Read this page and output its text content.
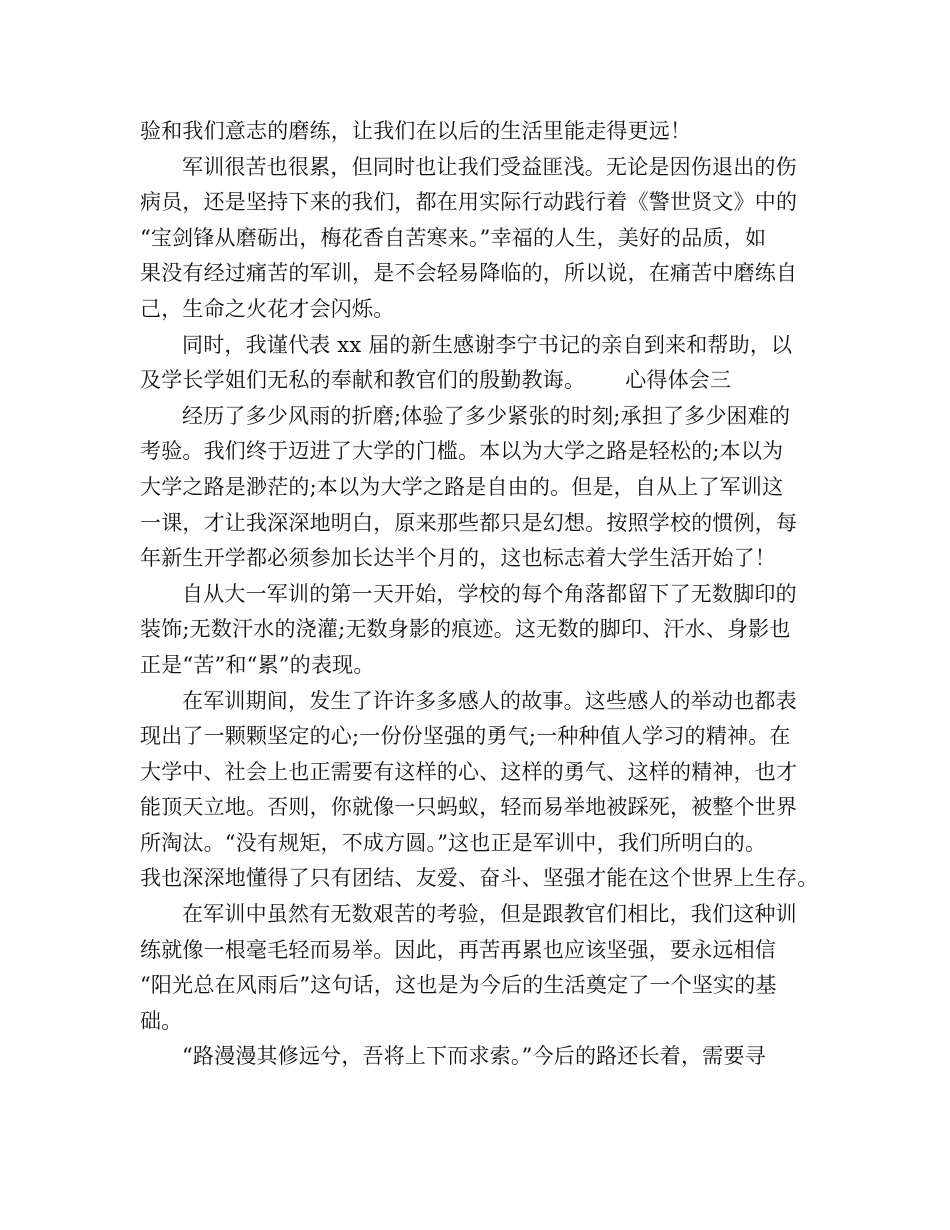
验和我们意志的磨练，让我们在以后的生活里能走得更远！
军训很苦也很累，但同时也让我们受益匪浅。无论是因伤退出的伤
病员，还是坚持下来的我们，都在用实际行动践行着《警世贤文》中的
“宝剑锋从磨砺出，梅花香自苦寒来。”幸福的人生，美好的品质，如
果没有经过痛苦的军训，是不会轻易降临的，所以说，在痛苦中磨练自
己，生命之火花才会闪烁。
同时，我谨代表 xx 届的新生感谢李宁书记的亲自到来和帮助，以
及学长学姐们无私的奉献和教官们的殷勤教诲。 心得体会三
经历了多少风雨的折磨;体验了多少紧张的时刻;承担了多少困难的
考验。我们终于迈进了大学的门槛。本以为大学之路是轻松的;本以为
大学之路是渺茫的;本以为大学之路是自由的。但是，自从上了军训这
一课，才让我深深地明白，原来那些都只是幻想。按照学校的惯例，每
年新生开学都必须参加长达半个月的，这也标志着大学生活开始了！
自从大一军训的第一天开始，学校的每个角落都留下了无数脚印的
装饰;无数汗水的浇灌;无数身影的痕迹。这无数的脚印、汗水、身影也
正是“苦”和“累”的表现。
在军训期间，发生了许许多多感人的故事。这些感人的举动也都表
现出了一颗颗坚定的心;一份份坚强的勇气;一种种值人学习的精神。在
大学中、社会上也正需要有这样的心、这样的勇气、这样的精神，也才
能顶天立地。否则，你就像一只蚂蚁，轻而易举地被踩死，被整个世界
所淘汰。“没有规矩，不成方圆。”这也正是军训中，我们所明白的。
我也深深地懂得了只有团结、友爱、奋斗、坚强才能在这个世界上生存。
在军训中虽然有无数艰苦的考验，但是跟教官们相比，我们这种训
练就像一根毫毛轻而易举。因此，再苦再累也应该坚强，要永远相信
“阳光总在风雨后”这句话，这也是为今后的生活奠定了一个坚实的基
础。
“路漫漫其修远兮，吾将上下而求索。”今后的路还长着，需要寻
